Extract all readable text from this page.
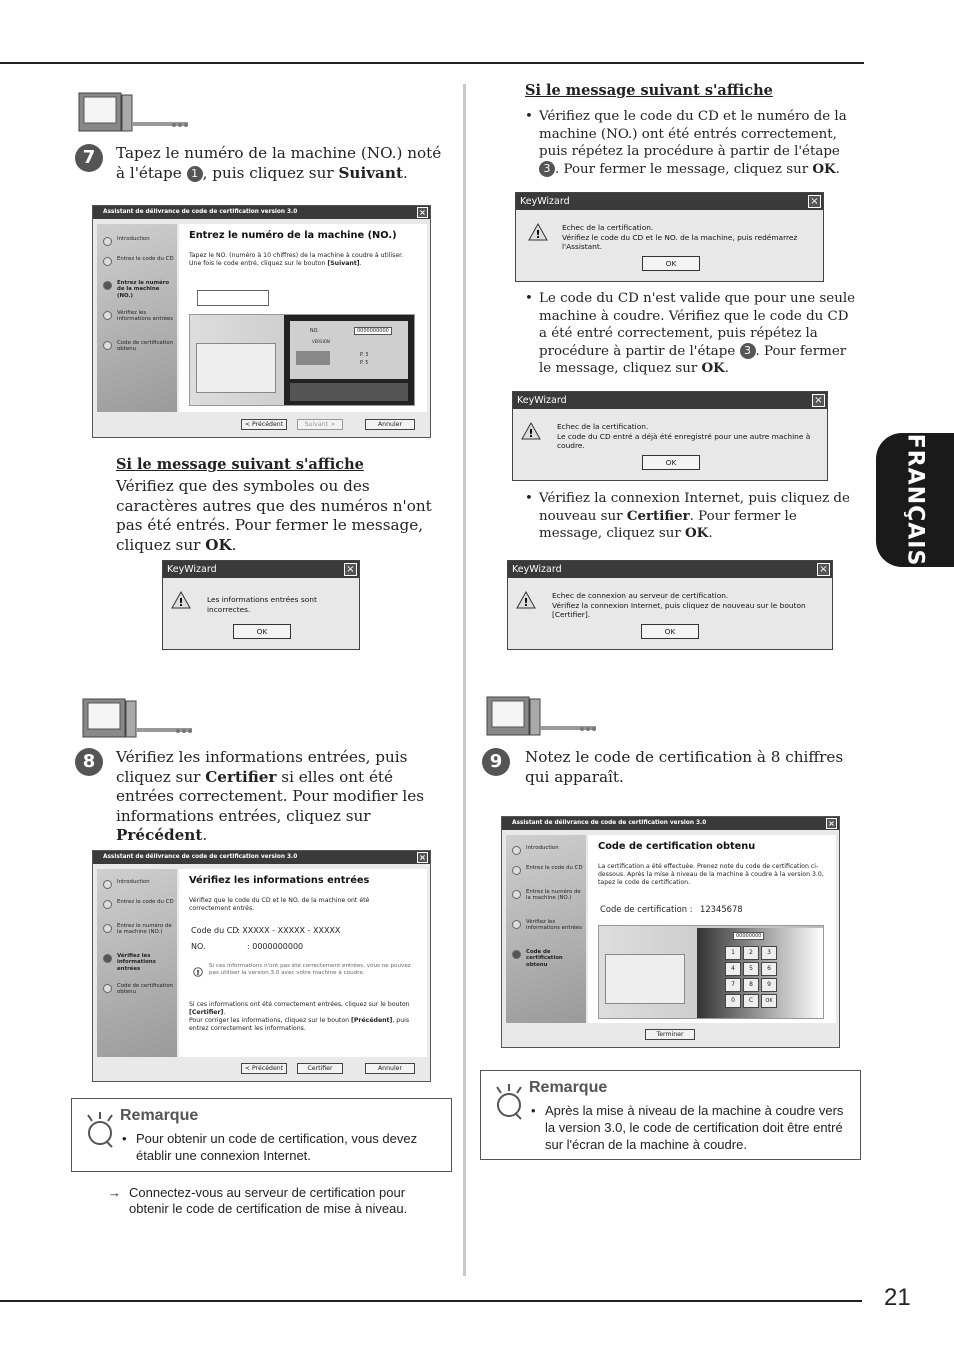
21
FRANÇAIS
7	Tapez le numéro de la machine (NO.) noté à l'étape 1 , puis cliquez sur Suivant.
Assistant de délivrance de code de certification version 3.0	×
Introduction
Entrez le code du CD
Entrez le numéro de la machine (NO.)
Vérifiez les informations entrées
Code de certification obtenu
Entrez le numéro de la machine (NO.)
Tapez le NO. (numéro à 10 chiffres) de la machine à coudre à utiliser.
Une fois le code entré, cliquez sur le bouton [Suivant].
NO.	0000000000
VERSION
P. 3
P. 5
< Précédent	Suivant >	Annuler
Si le message suivant s'affiche
Vérifiez que des symboles ou des caractères autres que des numéros n'ont pas été entrés. Pour fermer le message, cliquez sur OK.
KeyWizard	×
!	Les informations entrées sont incorrectes.
OK
8	Vérifiez les informations entrées, puis cliquez sur Certifier si elles ont été entrées correctement. Pour modifier les informations entrées, cliquez sur Précédent.
Assistant de délivrance de code de certification version 3.0	×
Introduction
Entrez le code du CD
Entrez le numéro de la machine (NO.)
Vérifiez les informations entrées
Code de certification obtenu
Vérifiez les informations entrées
Vérifiez que le code du CD et le NO. de la machine ont été correctement entrés.
Code du CD
: XXXXX - XXXXX - XXXXX
NO.	: 0000000000
!
Si ces informations n'ont pas été correctement entrées, vous ne pouvez pas utiliser la version 3.0 avec votre machine à coudre.
Si ces informations ont été correctement entrées, cliquez sur le bouton [Certifier].
Pour corriger les informations, cliquez sur le bouton [Précédent], puis entrez correctement les informations.
< Précédent	Certifier	Annuler
Remarque
• Pour obtenir un code de certification, vous devez établir une connexion Internet.
→ Connectez-vous au serveur de certification pour obtenir le code de certification de mise à niveau.
Si le message suivant s'affiche
• Vérifiez que le code du CD et le numéro de la machine (NO.) ont été entrés correctement, puis répétez la procédure à partir de l'étape 3 . Pour fermer le message, cliquez sur OK.
KeyWizard	×
!
Echec de la certification.
Vérifiez le code du CD et le NO. de la machine, puis redémarrez l'Assistant.
OK
• Le code du CD n'est valide que pour une seule machine à coudre. Vérifiez que le code du CD a été entré correctement, puis répétez la procédure à partir de l'étape 3 . Pour fermer le message, cliquez sur OK.
KeyWizard	×
!
Echec de la certification.
Le code du CD entré a déjà été enregistré pour une autre machine à coudre.
OK
• Vérifiez la connexion Internet, puis cliquez de nouveau sur Certifier. Pour fermer le message, cliquez sur OK.
KeyWizard	×
!
Echec de connexion au serveur de certification.
Vérifiez la connexion Internet, puis cliquez de nouveau sur le bouton [Certifier].
OK
9	Notez le code de certification à 8 chiffres qui apparaît.
Assistant de délivrance de code de certification version 3.0	×
Introduction
Entrez le code du CD
Entrez le numéro de la machine (NO.)
Vérifiez les informations entrées
Code de certification obtenu
Code de certification obtenu
La certification a été effectuée. Prenez note du code de certification ci-dessous. Après la mise à niveau de la machine à coudre à la version 3.0, tapez le code de certification.
Code de certification : 12345678
00000000
1	2	3
4	5	6
7	8	9
0	C	OK
Terminer
Remarque
• Après la mise à niveau de la machine à coudre vers la version 3.0, le code de certification doit être entré sur l'écran de la machine à coudre.
